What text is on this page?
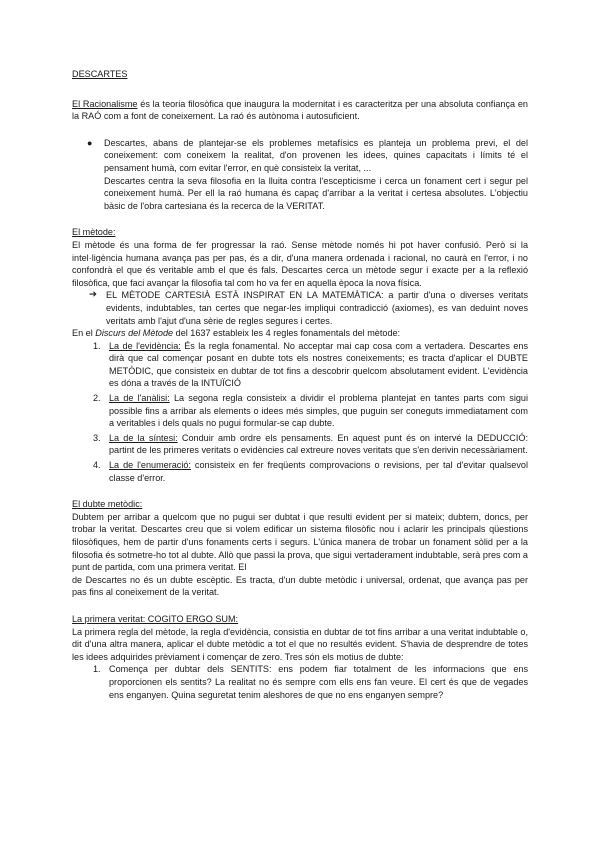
DESCARTES

El Racionalisme és la teoria filosòfica que inaugura la modernitat i es caracteritza per una absoluta confiança en la RAÓ com a font de coneixement. La raó és autònoma i autosuficient.

● Descartes, abans de plantejar-se els problemes metafísics es planteja un problema previ, el del coneixement: com coneixem la realitat, d'on provenen les idees, quines capacitats i límits té el pensament humà, com evitar l'error, en què consisteix la veritat, ...

Descartes centra la seva filosofia en la lluita contra l'escepticisme i cerca un fonament cert i segur pel coneixement humà. Per ell la raó humana és capaç d'arribar a la veritat i certesa absolutes. L'objectiu bàsic de l'obra cartesiana és la recerca de la VERITAT.

El mètode:

El mètode és una forma de fer progressar la raó. Sense mètode només hi pot haver confusió. Però si la intel·ligència humana avança pas per pas, és a dir, d'una manera ordenada i racional, no caurà en l'error, i no confondrà el que és veritable amb el que és fals. Descartes cerca un mètode segur i exacte per a la reflexió filosòfica, que faci avançar la filosofia tal com ho va fer en aquella època la nova física.

➔ EL MÈTODE CARTESIÀ ESTÀ INSPIRAT EN LA MATEMÀTICA: a partir d'una o diverses veritats evidents, indubtables, tan certes que negar-les impliqui contradicció (axiomes), es van deduint noves veritats amb l'ajut d'una sèrie de regles segures i certes.

En el Discurs del Mètode del 1637 estableix les 4 regles fonamentals del mètode:

1. La de l'evidència: És la regla fonamental. No acceptar mai cap cosa com a vertadera. Descartes ens dirà que cal començar posant en dubte tots els nostres coneixements; es tracta d'aplicar el DUBTE METÒDIC, que consisteix en dubtar de tot fins a descobrir quelcom absolutament evident. L'evidència es dóna a través de la INTUÏCIÓ
2. La de l'anàlisi: La segona regla consisteix a dividir el problema plantejat en tantes parts com sigui possible fins a arribar als elements o idees més simples, que puguin ser coneguts immediatament com a veritables i dels quals no pugui formular-se cap dubte.
3. La de la síntesi: Conduir amb ordre els pensaments. En aquest punt és on intervé la DEDUCCIÓ: partint de les primeres veritats o evidències cal extreure noves veritats que s'en derivin necessàriament.
4. La de l'enumeració: consisteix en fer freqüents comprovacions o revisions, per tal d'evitar qualsevol classe d'error.
El dubte metòdic:

Dubtem per arribar a quelcom que no pugui ser dubtat i que resulti evident per si mateix; dubtem, doncs, per trobar la veritat. Descartes creu que si volem edificar un sistema filosòfic nou i aclarir les principals qüestions filosòfiques, hem de partir d'uns fonaments certs i segurs. L'única manera de trobar un fonament sòlid per a la filosofia és sotmetre-ho tot al dubte. Allò que passi la prova, que sigui vertaderament indubtable, serà pres com a punt de partida, com una primera veritat. El

de Descartes no és un dubte escèptic. Es tracta, d'un dubte metòdic i universal, ordenat, que avança pas per pas fins al coneixement de la veritat.

La primera veritat: COGITO ERGO SUM:

La primera regla del mètode, la regla d'evidència, consistia en dubtar de tot fins arribar a una veritat indubtable o, dit d'una altra manera, aplicar el dubte metòdic a tot el que no resultés evident. S'havia de desprendre de totes les idees adquirides prèviament i començar de zero. Tres són els motius de dubte:

1. Comença per dubtar dels SENTITS: ens podem fiar totalment de les informacions que ens proporcionen els sentits? La realitat no és sempre com ells ens fan veure. El cert és que de vegades ens enganyen. Quina seguretat tenim aleshores de que no ens enganyen sempre?
